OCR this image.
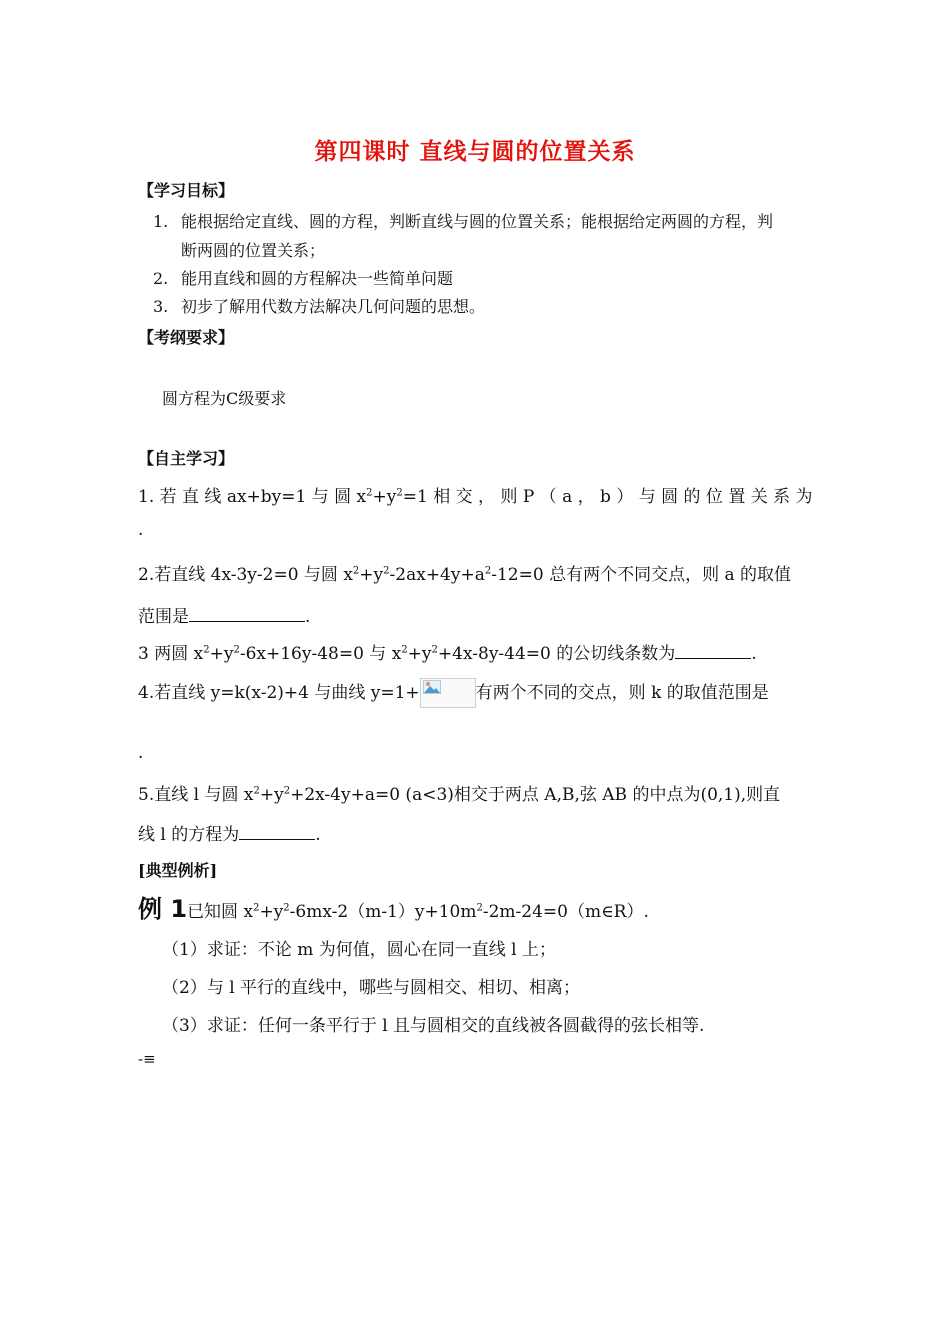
第四课时 直线与圆的位置关系
【学习目标】
1. 能根据给定直线、圆的方程，判断直线与圆的位置关系；能根据给定两圆的方程，判
断两圆的位置关系；
2. 能用直线和圆的方程解决一些简单问题
3. 初步了解用代数方法解决几何问题的思想。
【考纲要求】
圆方程为C级要求
【自主学习】
1. 若 直 线 ax+by=1 与 圆 $x^2+y^2=1$ 相 交 ， 则 P （ a ， b ） 与 圆 的 位 置 关 系 为
.
2.若直线 4x-3y-2=0 与圆 $x^2+y^2-2ax+4y+a^2-12=0$ 总有两个不同交点，则 a 的取值
范围是	.
3 两圆 $x^2+y^2-6x+16y-48=0$ 与 $x^2+y^2+4x-8y-44=0$ 的公切线条数为	.
4.若直线 y=k(x-2)+4 与曲线 y=1+	有两个不同的交点，则 k 的取值范围是
.
5.直线 l 与圆 $x^2+y^2+2x-4y+a=0$ (a<3)相交于两点 A,B,弦 AB 的中点为(0,1),则直
线 l 的方程为	.
[典型例析]
例 1已知圆 $x^2+y^2-6mx-2(m-1)y+10m^2-2m-24=0(m\in R)$.
（1）求证：不论 m 为何值，圆心在同一直线 l 上；
（2）与 l 平行的直线中，哪些与圆相交、相切、相离；
（3）求证：任何一条平行于 l 且与圆相交的直线被各圆截得的弦长相等.
-≡
